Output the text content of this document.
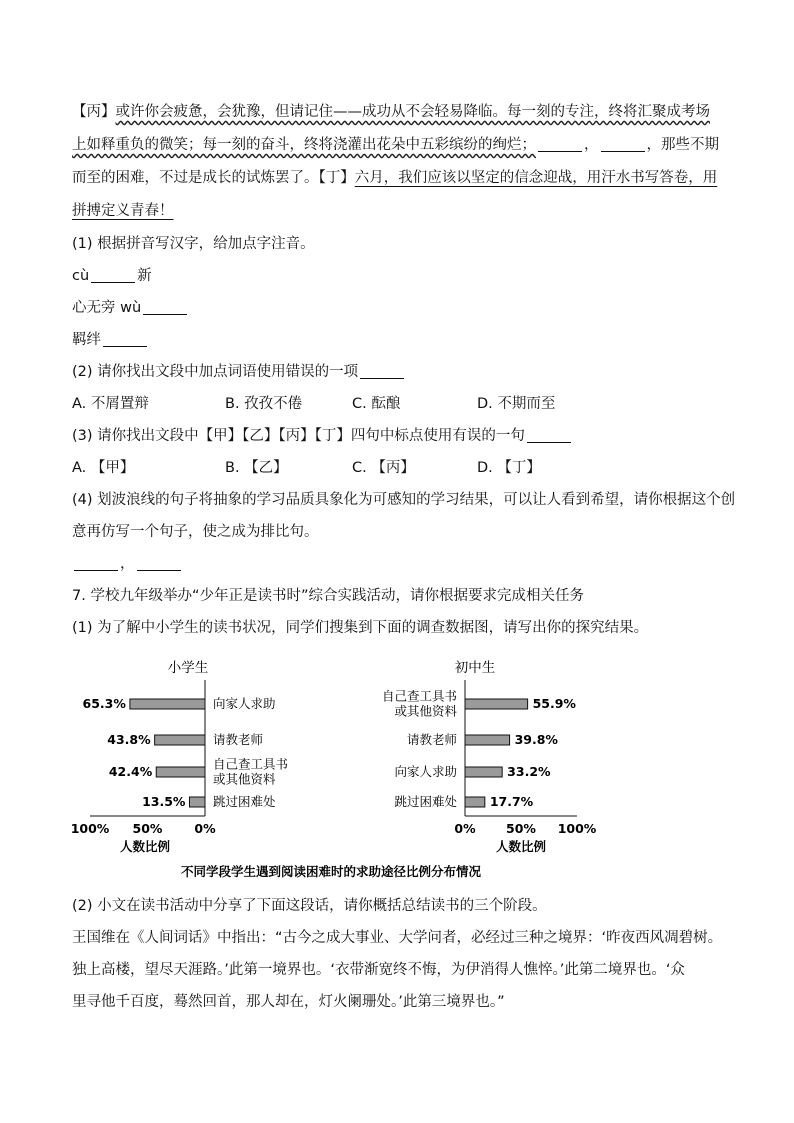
【丙】或许你会疲惫，会犹豫，但请记住——成功从不会轻易降临。每一刻的专注，终将汇聚成考场上如释重负的微笑；每一刻的奋斗，终将浇灌出花朵中五彩缤纷的绚烂；	，	，那些不期而至的困难，不过是成长的试炼罢了。【丁】六月，我们应该以坚定的信念迎战，用汗水书写答卷，用拼搏定义青春！

(1) 根据拼音写汉字，给加点字注音。
cù	新
心无旁 wù
羁绊
(2) 请你找出文段中加点词语使用错误的一项
A. 不屑置辩	B. 孜孜不倦	C. 酝酿	D. 不期而至
(3) 请你找出文段中【甲】【乙】【丙】【丁】四句中标点使用有误的一句
A. 【甲】	B. 【乙】	C. 【丙】	D. 【丁】
(4) 划波浪线的句子将抽象的学习品质具象化为可感知的学习结果，可以让人看到希望，请你根据这个创
意再仿写一个句子，使之成为排比句。
，
7. 学校九年级举办“少年正是读书时”综合实践活动，请你根据要求完成相关任务
(1) 为了解中小学生的读书状况，同学们搜集到下面的调查数据图，请写出你的探究结果。
小学生
65.3%	向家人求助
43.8%	请教老师
42.4%	自己查工具书
或其他资料
13.5% 跳过困难处
100% 50%	0%
人数比例
初中生
55.9%
自己查工具书
或其他资料
39.8%
请教老师
33.2%
向家人求助
17.7%
跳过困难处
0% 50% 100%
人数比例
不同学段学生遇到阅读困难时的求助途径比例分布情况
(2) 小文在读书活动中分享了下面这段话，请你概括总结读书的三个阶段。
王国维在《人间词话》中指出：“古今之成大事业、大学问者，必经过三种之境界：‘昨夜西风凋碧树。
独上高楼，望尽天涯路。’此第一境界也。‘衣带渐宽终不悔，为伊消得人憔悴。’此第二境界也。‘众
里寻他千百度，蓦然回首，那人却在，灯火阑珊处。’此第三境界也。”
